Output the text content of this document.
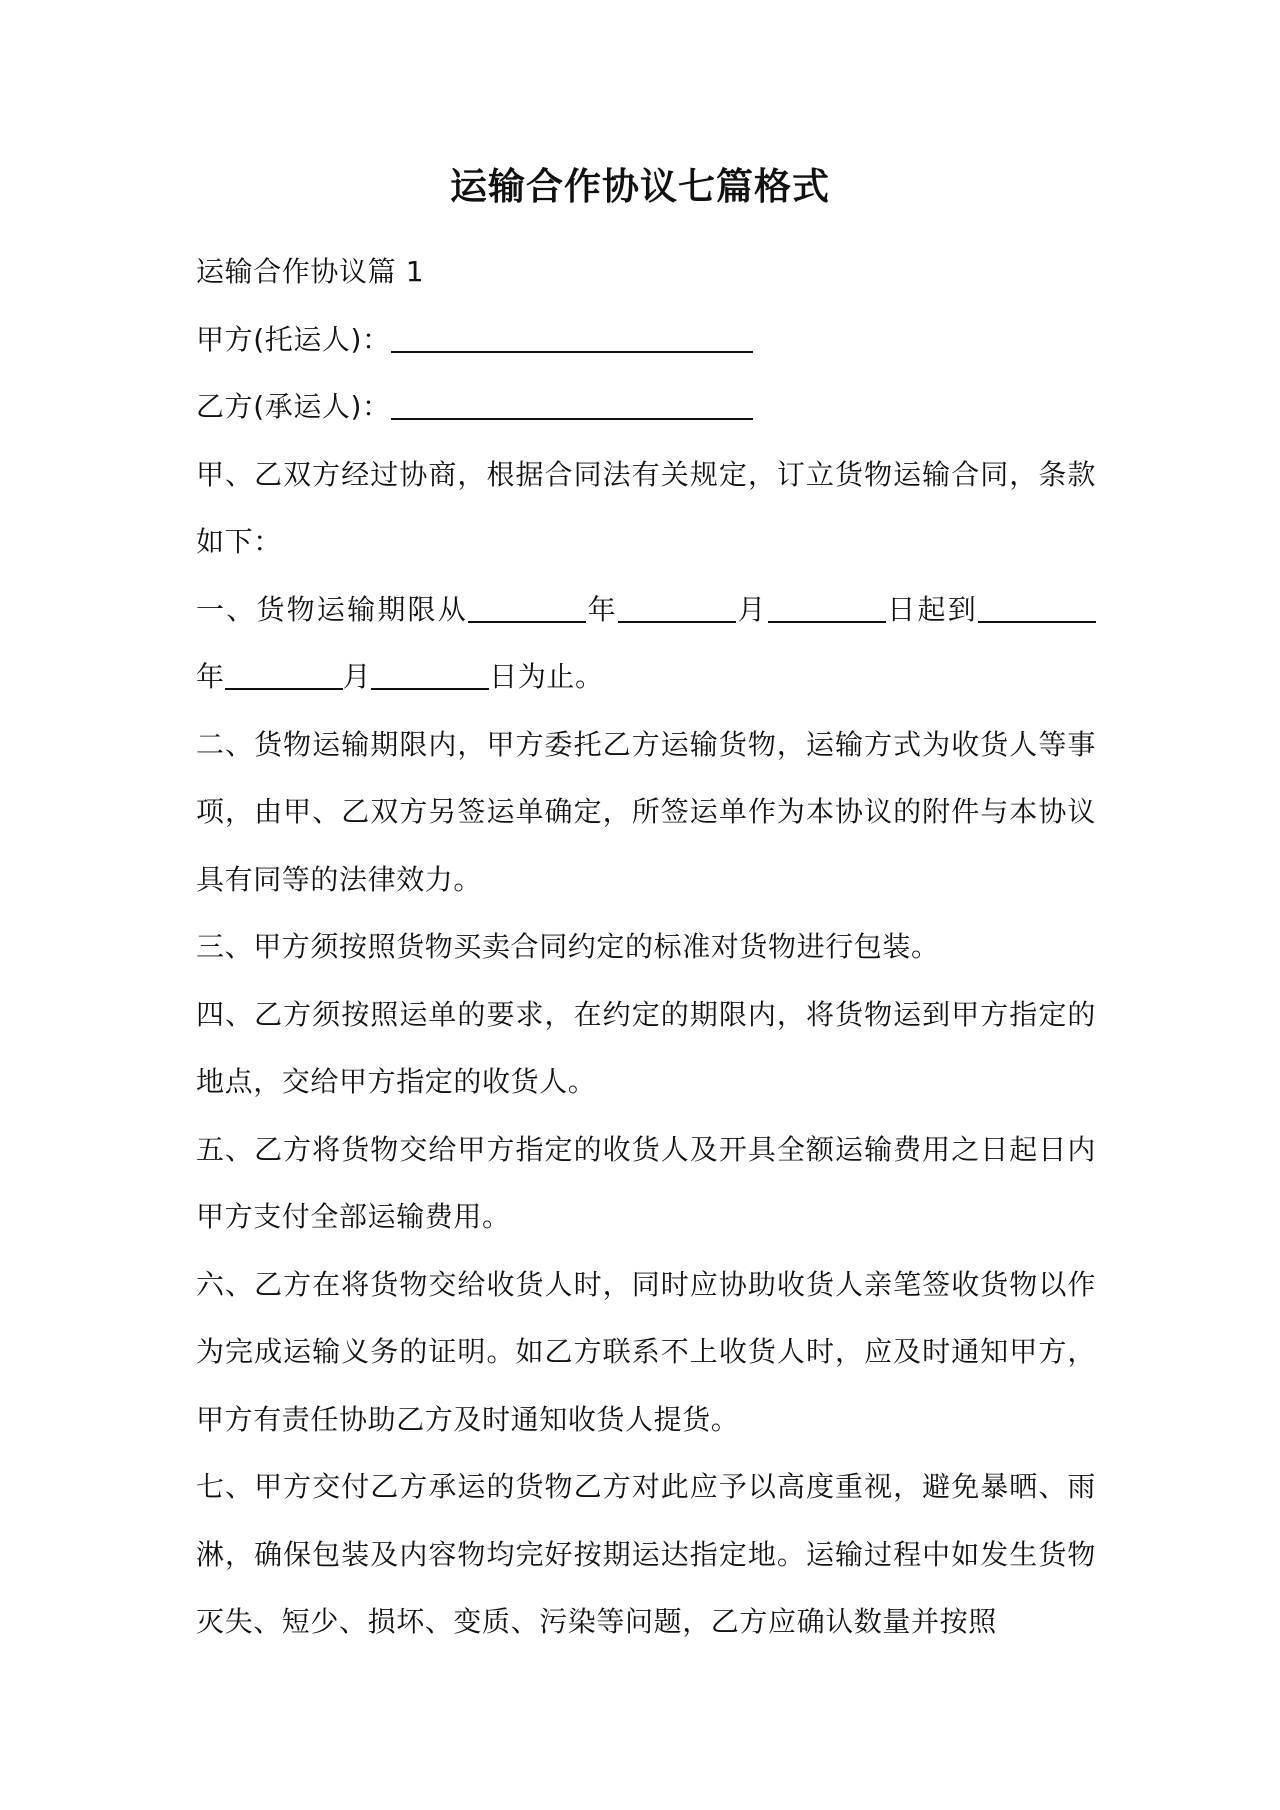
运输合作协议七篇格式

运输合作协议篇 1

甲方(托运人)：

乙方(承运人)：

甲、乙双方经过协商，根据合同法有关规定，订立货物运输合同，条款如下：

一、货物运输期限从	年	月	日起到年	月	日为止。

二、货物运输期限内，甲方委托乙方运输货物，运输方式为收货人等事项，由甲、乙双方另签运单确定，所签运单作为本协议的附件与本协议具有同等的法律效力。

三、甲方须按照货物买卖合同约定的标准对货物进行包装。

四、乙方须按照运单的要求，在约定的期限内，将货物运到甲方指定的地点，交给甲方指定的收货人。

五、乙方将货物交给甲方指定的收货人及开具全额运输费用之日起日内甲方支付全部运输费用。

六、乙方在将货物交给收货人时，同时应协助收货人亲笔签收货物以作为完成运输义务的证明。如乙方联系不上收货人时，应及时通知甲方，甲方有责任协助乙方及时通知收货人提货。

七、甲方交付乙方承运的货物乙方对此应予以高度重视，避免暴晒、雨淋，确保包装及内容物均完好按期运达指定地。运输过程中如发生货物灭失、短少、损坏、变质、污染等问题，乙方应确认数量并按照
